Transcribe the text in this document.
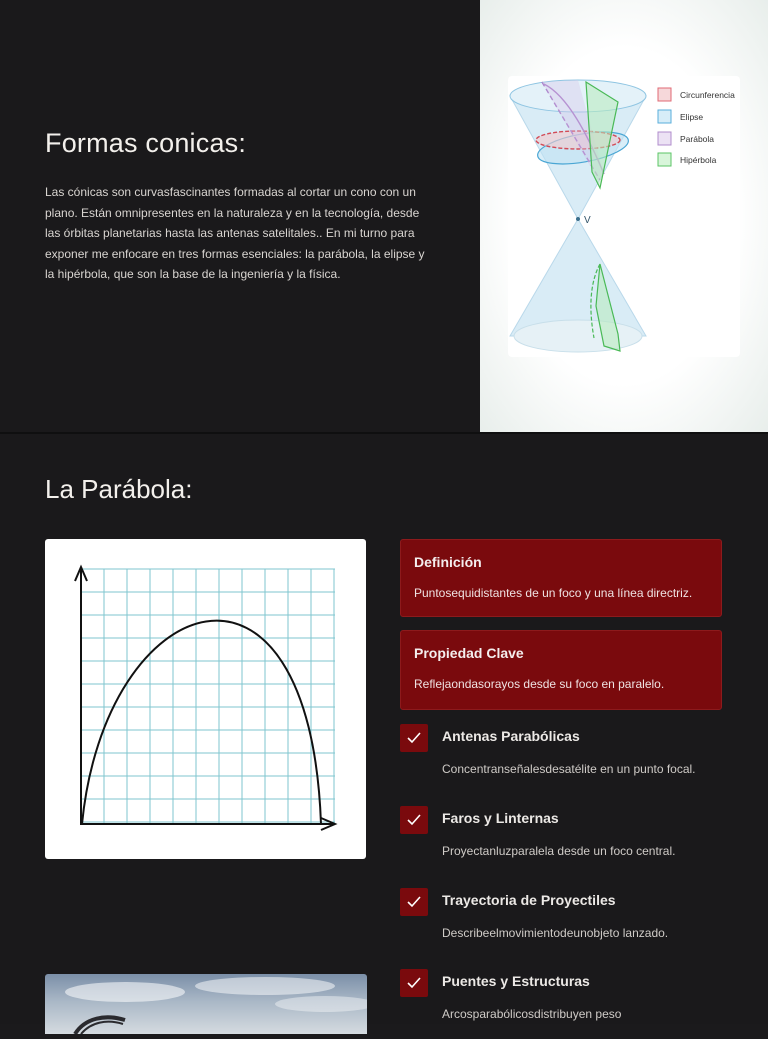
Formas conicas:
Las cónicas son curvasfascinantes formadas al cortar un cono con un plano. Están omnipresentes en la naturaleza y en la tecnología, desde las órbitas planetarias hasta las antenas satelitales.. En mi turno para exponer me enfocare en tres formas esenciales: la parábola, la elipse y la hipérbola, que son la base de la ingeniería y la física.
V
Circunferencia
Elipse
Parábola
Hipérbola
La Parábola:
Definición
Puntosequidistantes de un foco y una línea directriz.
Propiedad Clave
Reflejaondasorayos desde su foco en paralelo.
Antenas Parabólicas
Concentranseñalesdesatélite en un punto focal.
Faros y Linternas
Proyectanluzparalela desde un foco central.
Trayectoria de Proyectiles
Describeelmovimientodeunobjeto lanzado.
Puentes y Estructuras
Arcosparabólicosdistribuyen peso
